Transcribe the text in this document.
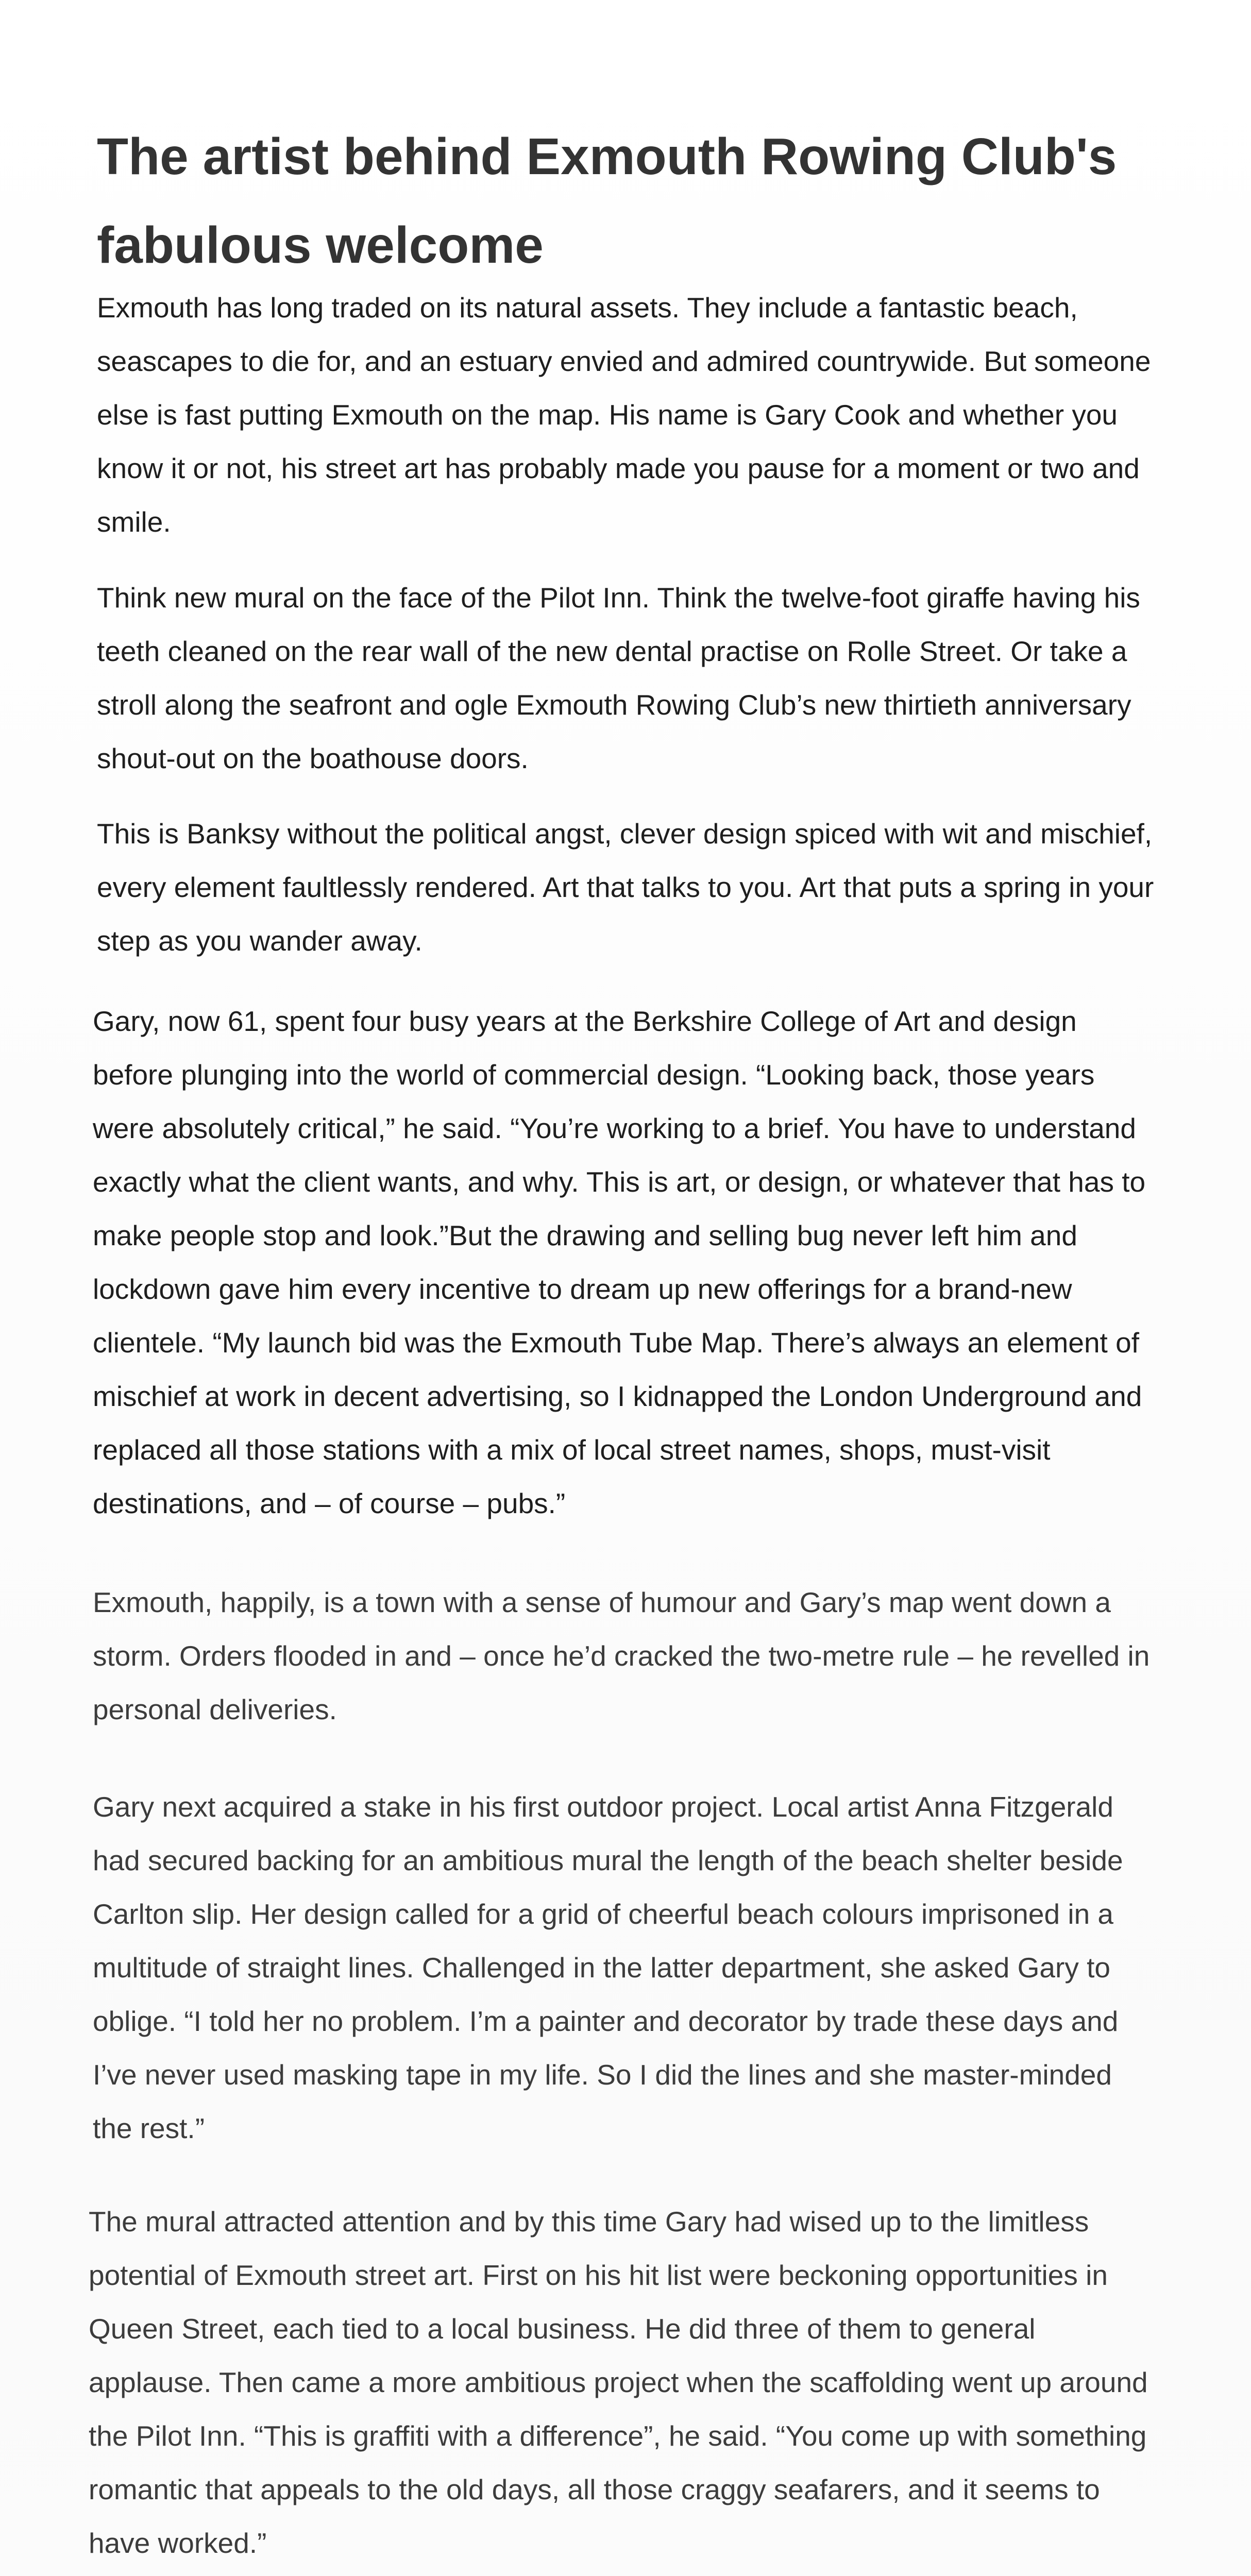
The artist behind Exmouth Rowing Club's fabulous welcome

Exmouth has long traded on its natural assets. They include a fantastic beach, seascapes to die for, and an estuary envied and admired countrywide. But someone else is fast putting Exmouth on the map. His name is Gary Cook and whether you know it or not, his street art has probably made you pause for a moment or two and smile.

Think new mural on the face of the Pilot Inn. Think the twelve-foot giraffe having his teeth cleaned on the rear wall of the new dental practise on Rolle Street. Or take a stroll along the seafront and ogle Exmouth Rowing Club’s new thirtieth anniversary shout-out on the boathouse doors.

This is Banksy without the political angst, clever design spiced with wit and mischief, every element faultlessly rendered. Art that talks to you. Art that puts a spring in your step as you wander away.

Gary, now 61, spent four busy years at the Berkshire College of Art and design before plunging into the world of commercial design. “Looking back, those years were absolutely critical,” he said. “You’re working to a brief. You have to understand exactly what the client wants, and why. This is art, or design, or whatever that has to make people stop and look.”But the drawing and selling bug never left him and lockdown gave him every incentive to dream up new offerings for a brand-new clientele. “My launch bid was the Exmouth Tube Map. There’s always an element of mischief at work in decent advertising, so I kidnapped the London Underground and replaced all those stations with a mix of local street names, shops, must-visit destinations, and – of course – pubs.”

Exmouth, happily, is a town with a sense of humour and Gary’s map went down a storm. Orders flooded in and – once he’d cracked the two-metre rule – he revelled in personal deliveries.

Gary next acquired a stake in his first outdoor project. Local artist Anna Fitzgerald had secured backing for an ambitious mural the length of the beach shelter beside Carlton slip. Her design called for a grid of cheerful beach colours imprisoned in a multitude of straight lines. Challenged in the latter department, she asked Gary to oblige. “I told her no problem. I’m a painter and decorator by trade these days and I’ve never used masking tape in my life. So I did the lines and she master-minded the rest.”

The mural attracted attention and by this time Gary had wised up to the limitless potential of Exmouth street art. First on his hit list were beckoning opportunities in Queen Street, each tied to a local business. He did three of them to general applause. Then came a more ambitious project when the scaffolding went up around the Pilot Inn. “This is graffiti with a difference”, he said. “You come up with something romantic that appeals to the old days, all those craggy seafarers, and it seems to have worked.”
